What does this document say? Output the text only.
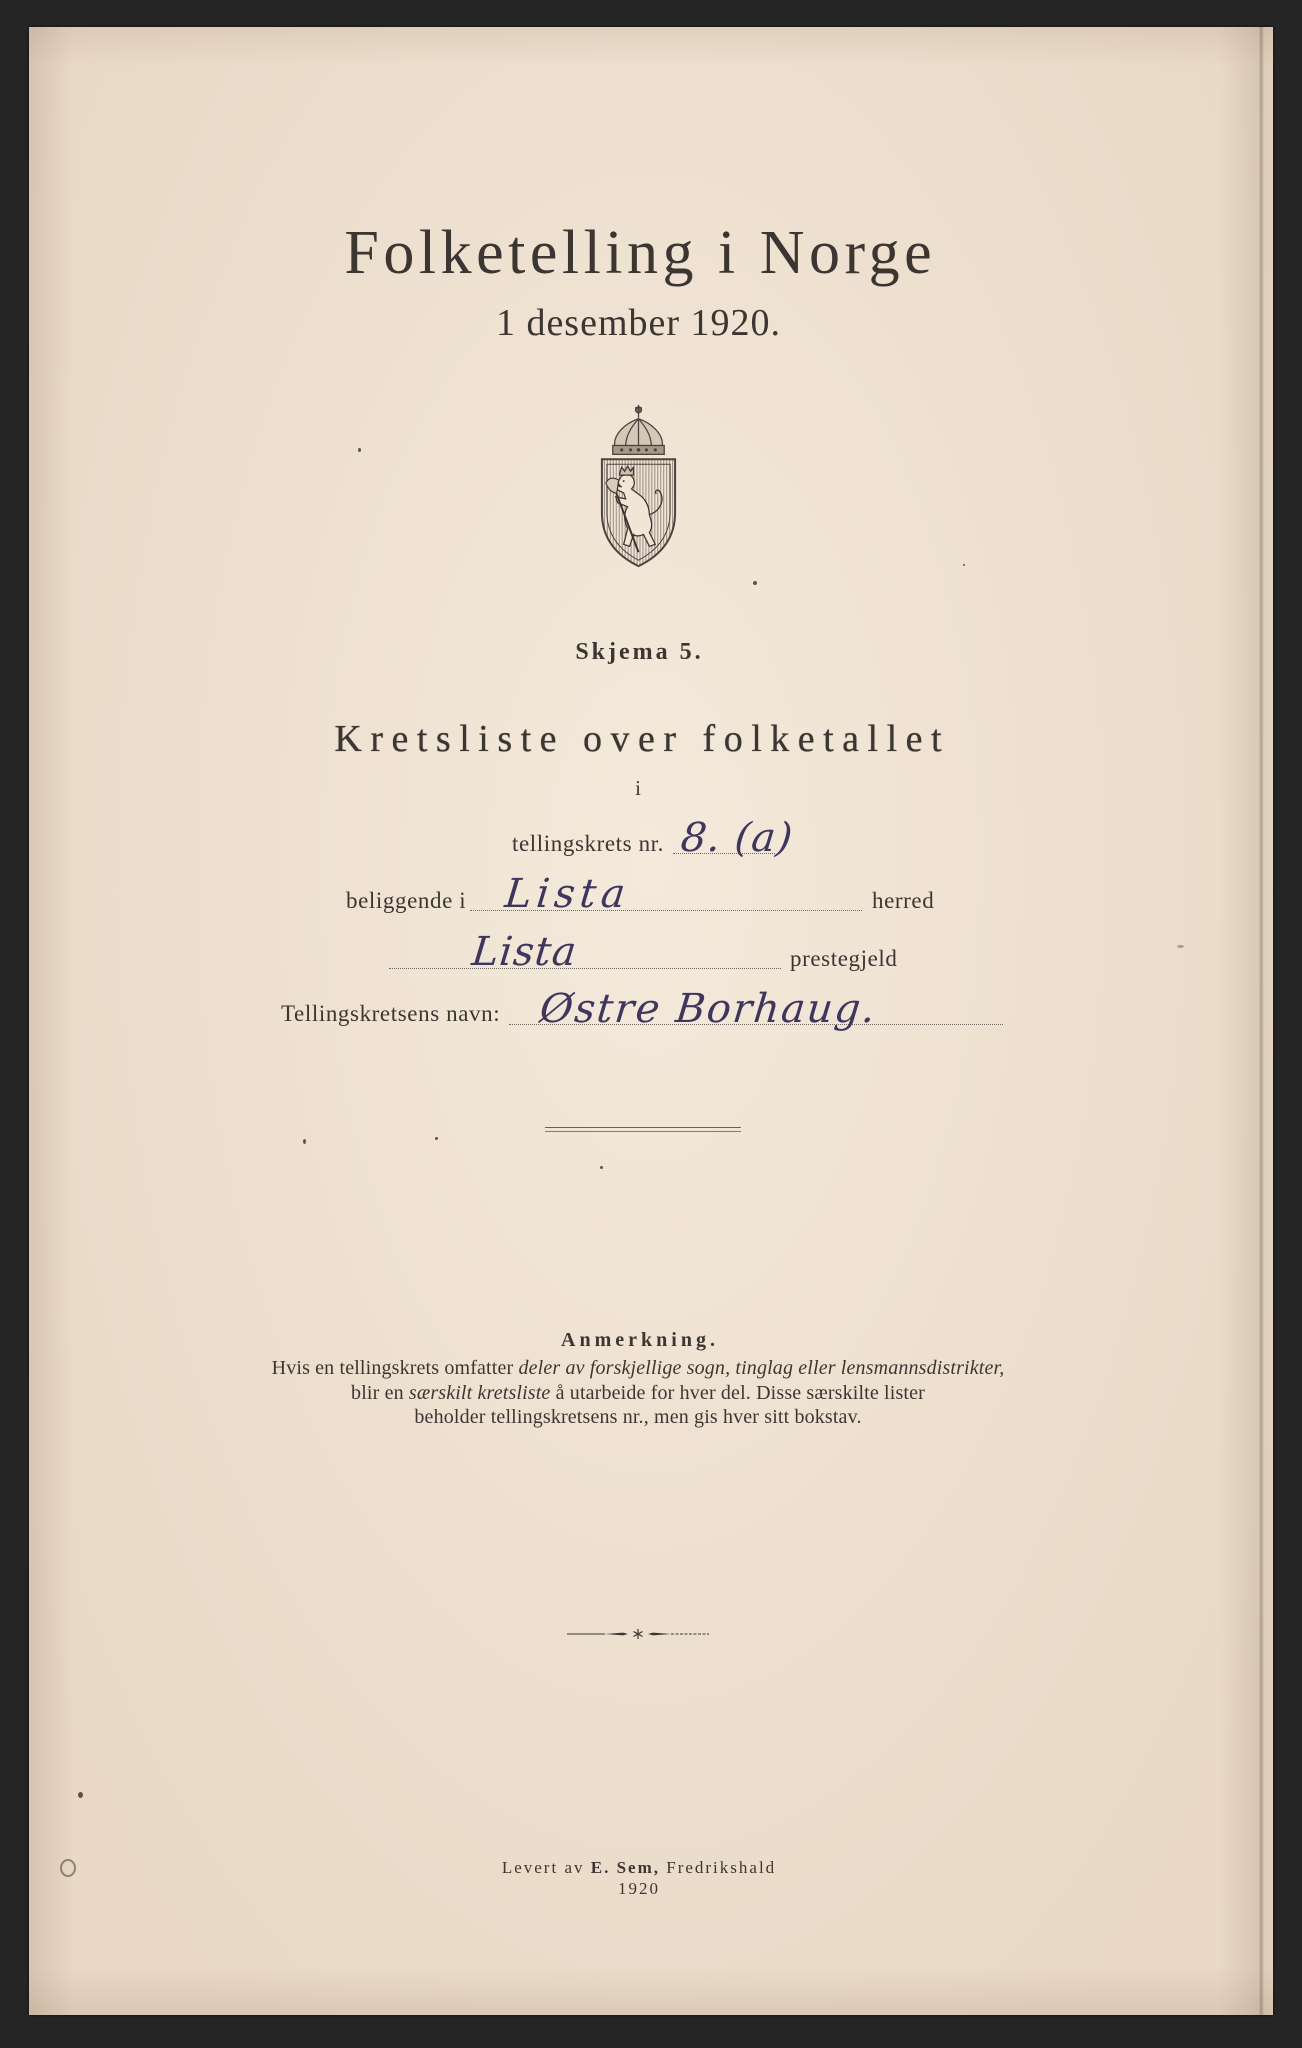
Folketelling i Norge
1 desember 1920.
Skjema 5.
Kretsliste over folketallet
i
tellingskrets nr. 8. (a)
beliggende i Lista	herred
Lista	prestegjeld
Tellingskretsens navn: Østre Borhaug.
Anmerkning.
Hvis en tellingskrets omfatter deler av forskjellige sogn, tinglag eller lensmannsdistrikter,
blir en særskilt kretsliste å utarbeide for hver del. Disse særskilte lister
beholder tellingskretsens nr., men gis hver sitt bokstav.
Levert av E. Sem, Fredrikshald
1920
